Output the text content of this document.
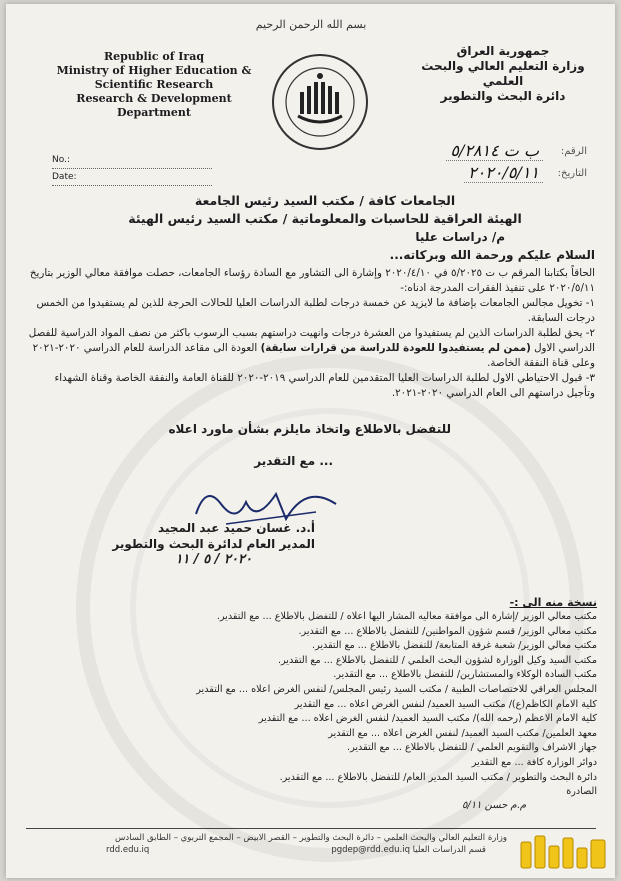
بسم الله الرحمن الرحيم
Republic of Iraq
Ministry of Higher Education &
Scientific Research
Research & Development
Department
جمهورية العراق
وزارة التعليم العالي والبحث العلمي
دائرة البحث والتطوير
الرقم:
ب ت ٥/٢٨١٤
التاريخ:
٢٠٢٠/٥/١١
No.:
Date:
الجامعات كافة / مكتب السيد رئيس الجامعة
الهيئة العراقية للحاسبات والمعلوماتية / مكتب السيد رئيس الهيئة
م/ دراسات عليا
السلام عليكم ورحمة الله وبركاته...

الحاقاً بكتابنا المرقم ب ت ٥/٢٠٢٥ في ٢٠٢٠/٤/١٠ وإشارة الى التشاور مع السادة رؤساء الجامعات، حصلت موافقة معالي الوزير بتاريخ ٢٠٢٠/٥/١١ على تنفيذ الفقرات المدرجة ادناه:-

١- تخويل مجالس الجامعات بإضافة ما لايزيد عن خمسة درجات لطلبة الدراسات العليا للحالات الحرجة للذين لم يستفيدوا من الخمس درجات السابقة.

٢- يحق لطلبة الدراسات الذين لم يستفيدوا من العشرة درجات وانهيت دراستهم بسبب الرسوب باكثر من نصف المواد الدراسية للفصل الدراسي الاول (ممن لم يستفيدوا للعودة للدراسة من قرارات سابقة) العودة الى مقاعد الدراسة للعام الدراسي ٢٠٢٠-٢٠٢١ وعلى قناة النفقة الخاصة.

٣- قبول الاحتياطي الاول لطلبة الدراسات العليا المتقدمين للعام الدراسي ٢٠١٩-٢٠٢٠ للقناة العامة والنفقة الخاصة وقناة الشهداء وتأجيل دراستهم الى العام الدراسي ٢٠٢٠-٢٠٢١.

للتفضل بالاطلاع واتخاذ مايلزم بشأن ماورد اعلاه
... مع التقدير
أ.د. غسان حميد عبد المجيد
المدير العام لدائرة البحث والتطوير
٢٠٢٠ / ٥ / ١١
نسخة منه الى :-
مكتب معالي الوزير /إشارة الى موافقة معاليه المشار اليها اعلاه / للتفضل بالاطلاع ... مع التقدير.
مكتب معالي الوزير/ قسم شؤون المواطنين/ للتفضل بالاطلاع ... مع التقدير.
مكتب معالي الوزير/ شعبة غرفة المتابعة/ للتفضل بالاطلاع ... مع التقدير.
مكتب السيد وكيل الوزارة لشؤون البحث العلمي / للتفضل بالاطلاع ... مع التقدير.
مكتب السادة الوكلاء والمستشارين/ للتفضل بالاطلاع ... مع التقدير.
المجلس العراقي للاختصاصات الطبية / مكتب السيد رئيس المجلس/ لنفس الغرض اعلاه ... مع التقدير
كلية الامام الكاظم(ع)/ مكتب السيد العميد/ لنفس الغرض اعلاه ... مع التقدير
كلية الامام الاعظم (رحمه الله)/ مكتب السيد العميد/ لنفس الغرض اعلاه ... مع التقدير
معهد العلمين/ مكتب السيد العميد/ لنفس الغرض اعلاه ... مع التقدير
جهاز الاشراف والتقويم العلمي / للتفضل بالاطلاع ... مع التقدير.
دوائر الوزارة كافة ... مع التقدير
دائرة البحث والتطوير / مكتب السيد المدير العام/ للتفضل بالاطلاع ... مع التقدير.
الصادرة
م.م حسن ٥/١١
وزارة التعليم العالي والبحث العلمي – دائرة البحث والتطوير – القصر الابيض – المجمع التربوي – الطابق السادس
rdd.edu.iq	pgdep@rdd.edu.iq قسم الدراسات العليا
